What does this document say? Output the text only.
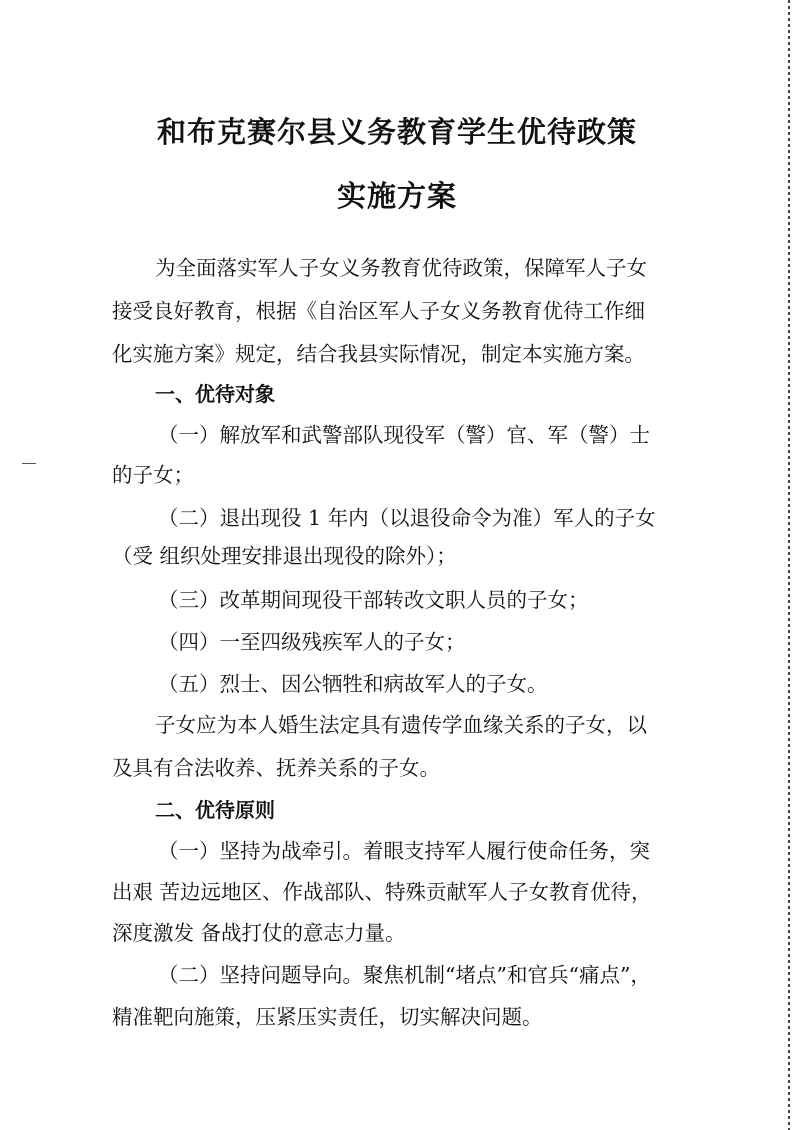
和布克赛尔县义务教育学生优待政策
实施方案
为全面落实军人子女义务教育优待政策，保障军人子女
接受良好教育，根据《自治区军人子女义务教育优待工作细
化实施方案》规定，结合我县实际情况，制定本实施方案。
一、优待对象
（一）解放军和武警部队现役军（警）官、军（警）士
的子女；
（二）退出现役 1 年内（以退役命令为准）军人的子女
（受 组织处理安排退出现役的除外）；
（三）改革期间现役干部转改文职人员的子女；
（四）一至四级残疾军人的子女；
（五）烈士、因公牺牲和病故军人的子女。
子女应为本人婚生法定具有遗传学血缘关系的子女，以
及具有合法收养、抚养关系的子女。
二、优待原则
（一）坚持为战牵引。着眼支持军人履行使命任务，突
出艰 苦边远地区、作战部队、特殊贡献军人子女教育优待，
深度激发 备战打仗的意志力量。
（二）坚持问题导向。聚焦机制“堵点”和官兵“痛点”，
精准靶向施策，压紧压实责任，切实解决问题。
